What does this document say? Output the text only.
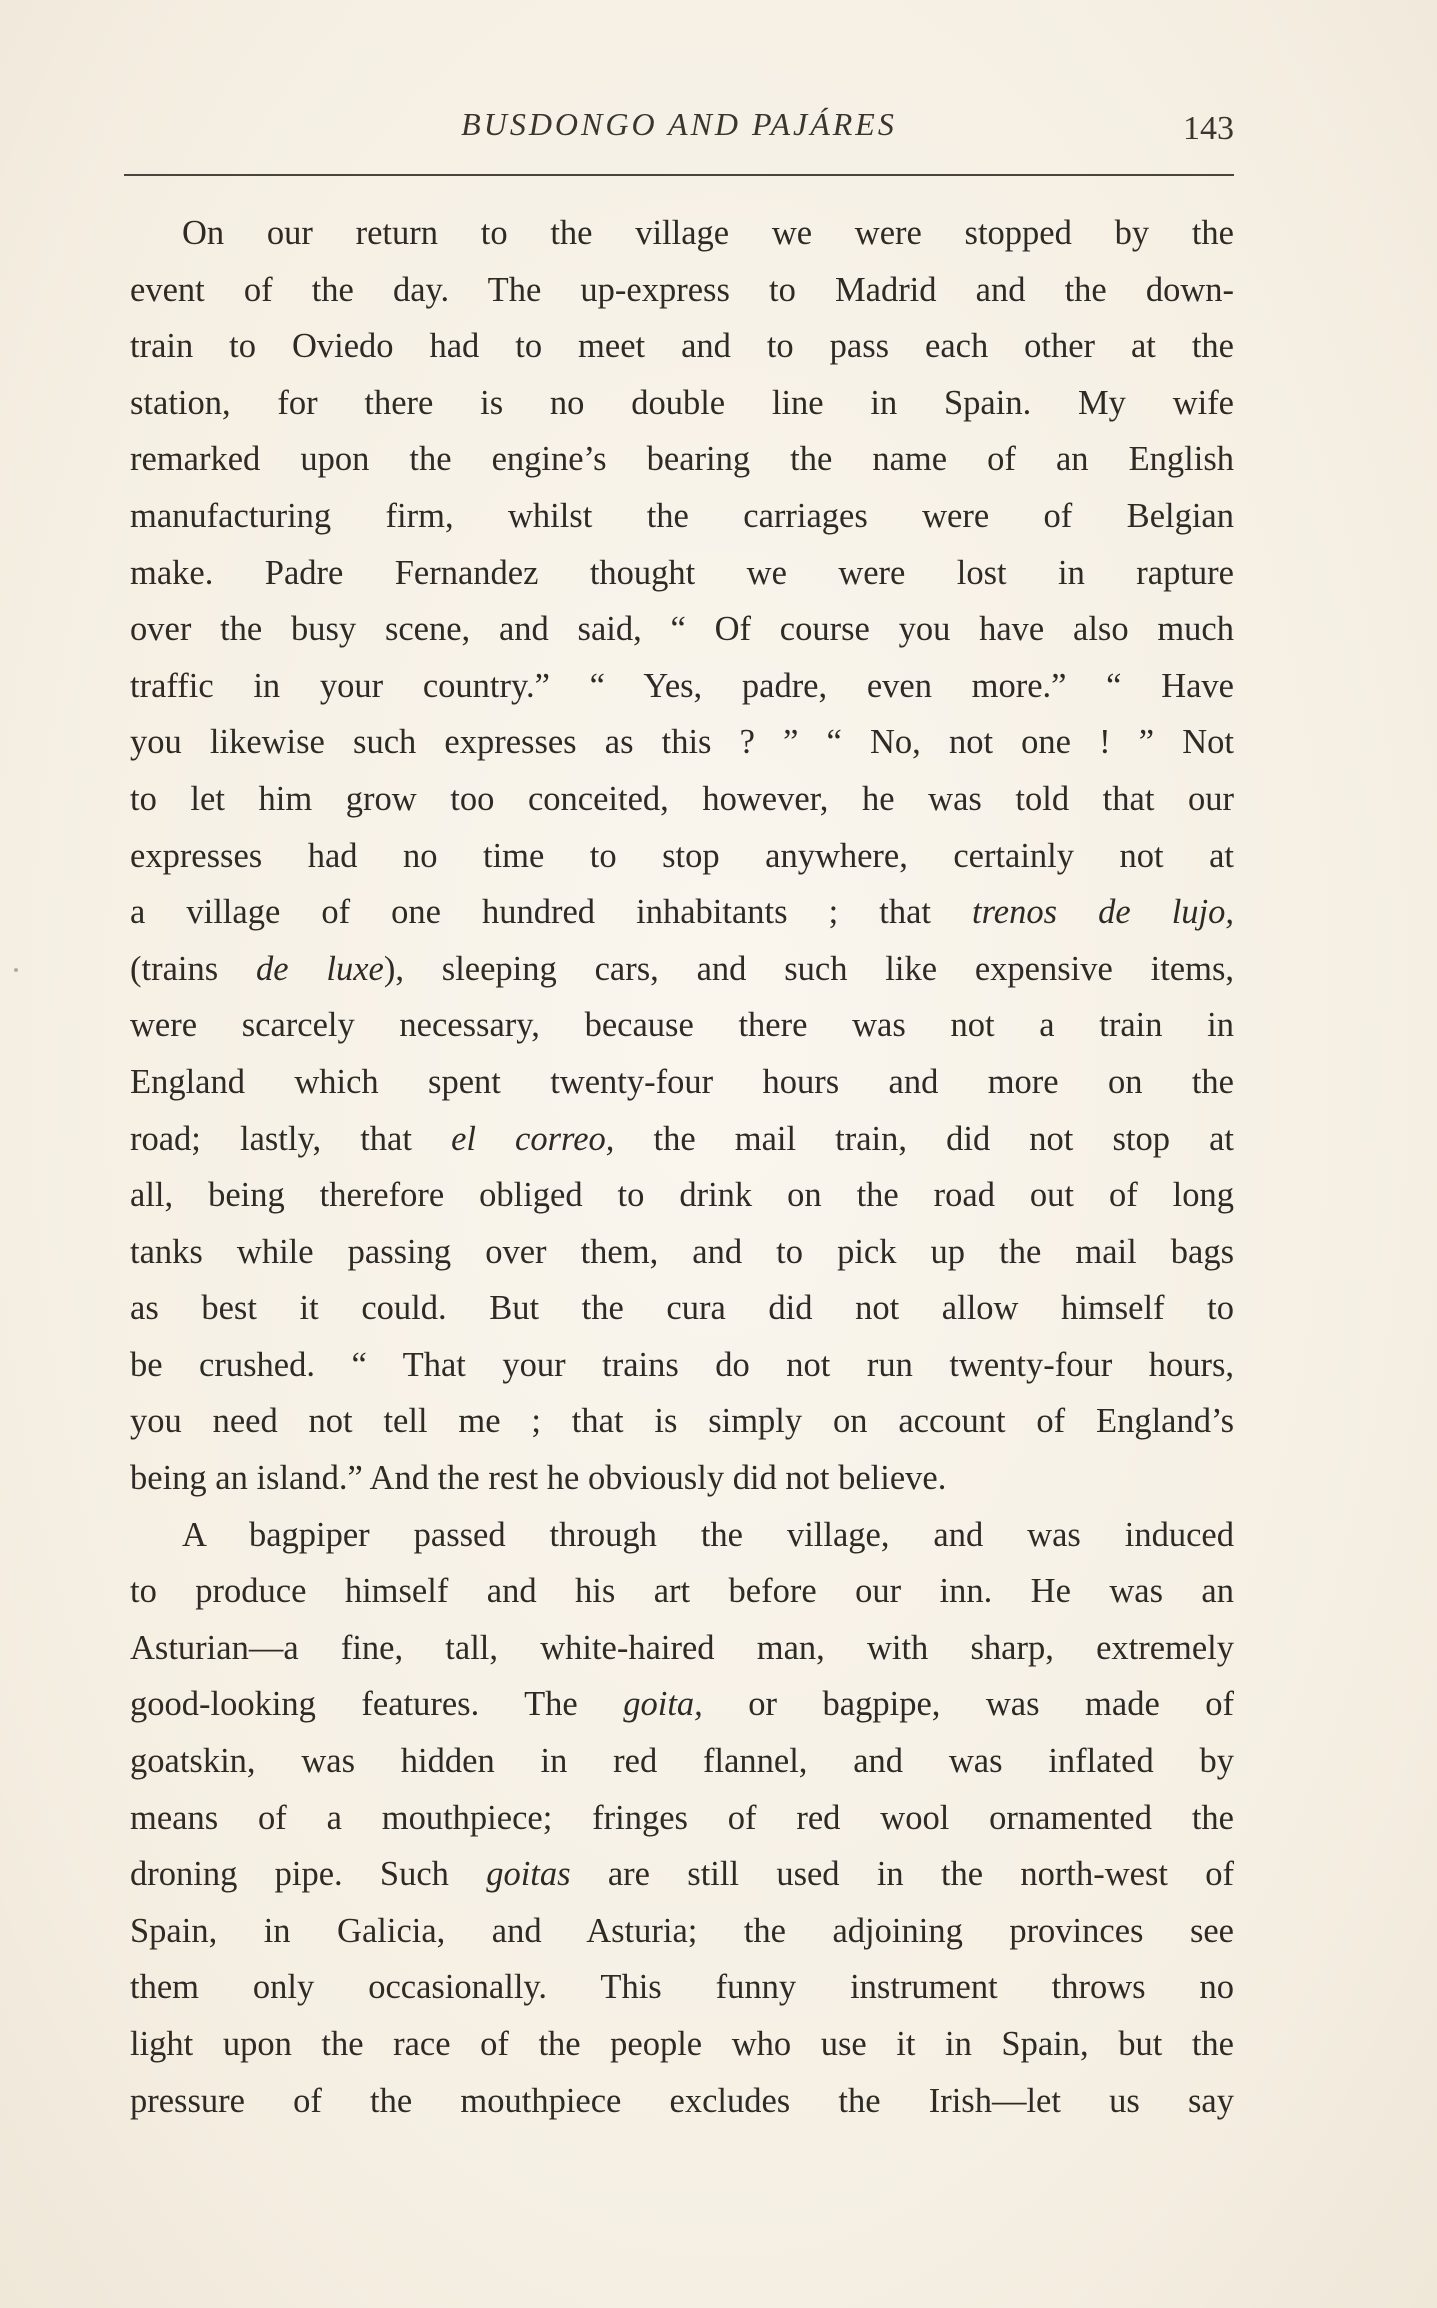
BUSDONGO AND PAJÁRES	143
On our return to the village we were stopped by the
event of the day. The up-express to Madrid and the down-
train to Oviedo had to meet and to pass each other at the
station, for there is no double line in Spain. My wife
remarked upon the engine’s bearing the name of an English
manufacturing firm, whilst the carriages were of Belgian
make. Padre Fernandez thought we were lost in rapture
over the busy scene, and said, “ Of course you have also much
traffic in your country.” “ Yes, padre, even more.” “ Have
you likewise such expresses as this ? ” “ No, not one ! ” Not
to let him grow too conceited, however, he was told that our
expresses had no time to stop anywhere, certainly not at
a village of one hundred inhabitants ; that trenos de lujo,
(trains de luxe), sleeping cars, and such like expensive items,
were scarcely necessary, because there was not a train in
England which spent twenty-four hours and more on the
road; lastly, that el correo, the mail train, did not stop at
all, being therefore obliged to drink on the road out of long
tanks while passing over them, and to pick up the mail bags
as best it could. But the cura did not allow himself to
be crushed. “ That your trains do not run twenty-four hours,
you need not tell me ; that is simply on account of England’s
being an island.” And the rest he obviously did not believe.
A bagpiper passed through the village, and was induced
to produce himself and his art before our inn. He was an
Asturian—a fine, tall, white-haired man, with sharp, extremely
good-looking features. The goita, or bagpipe, was made of
goatskin, was hidden in red flannel, and was inflated by
means of a mouthpiece; fringes of red wool ornamented the
droning pipe. Such goitas are still used in the north-west of
Spain, in Galicia, and Asturia; the adjoining provinces see
them only occasionally. This funny instrument throws no
light upon the race of the people who use it in Spain, but the
pressure of the mouthpiece excludes the Irish—let us say
